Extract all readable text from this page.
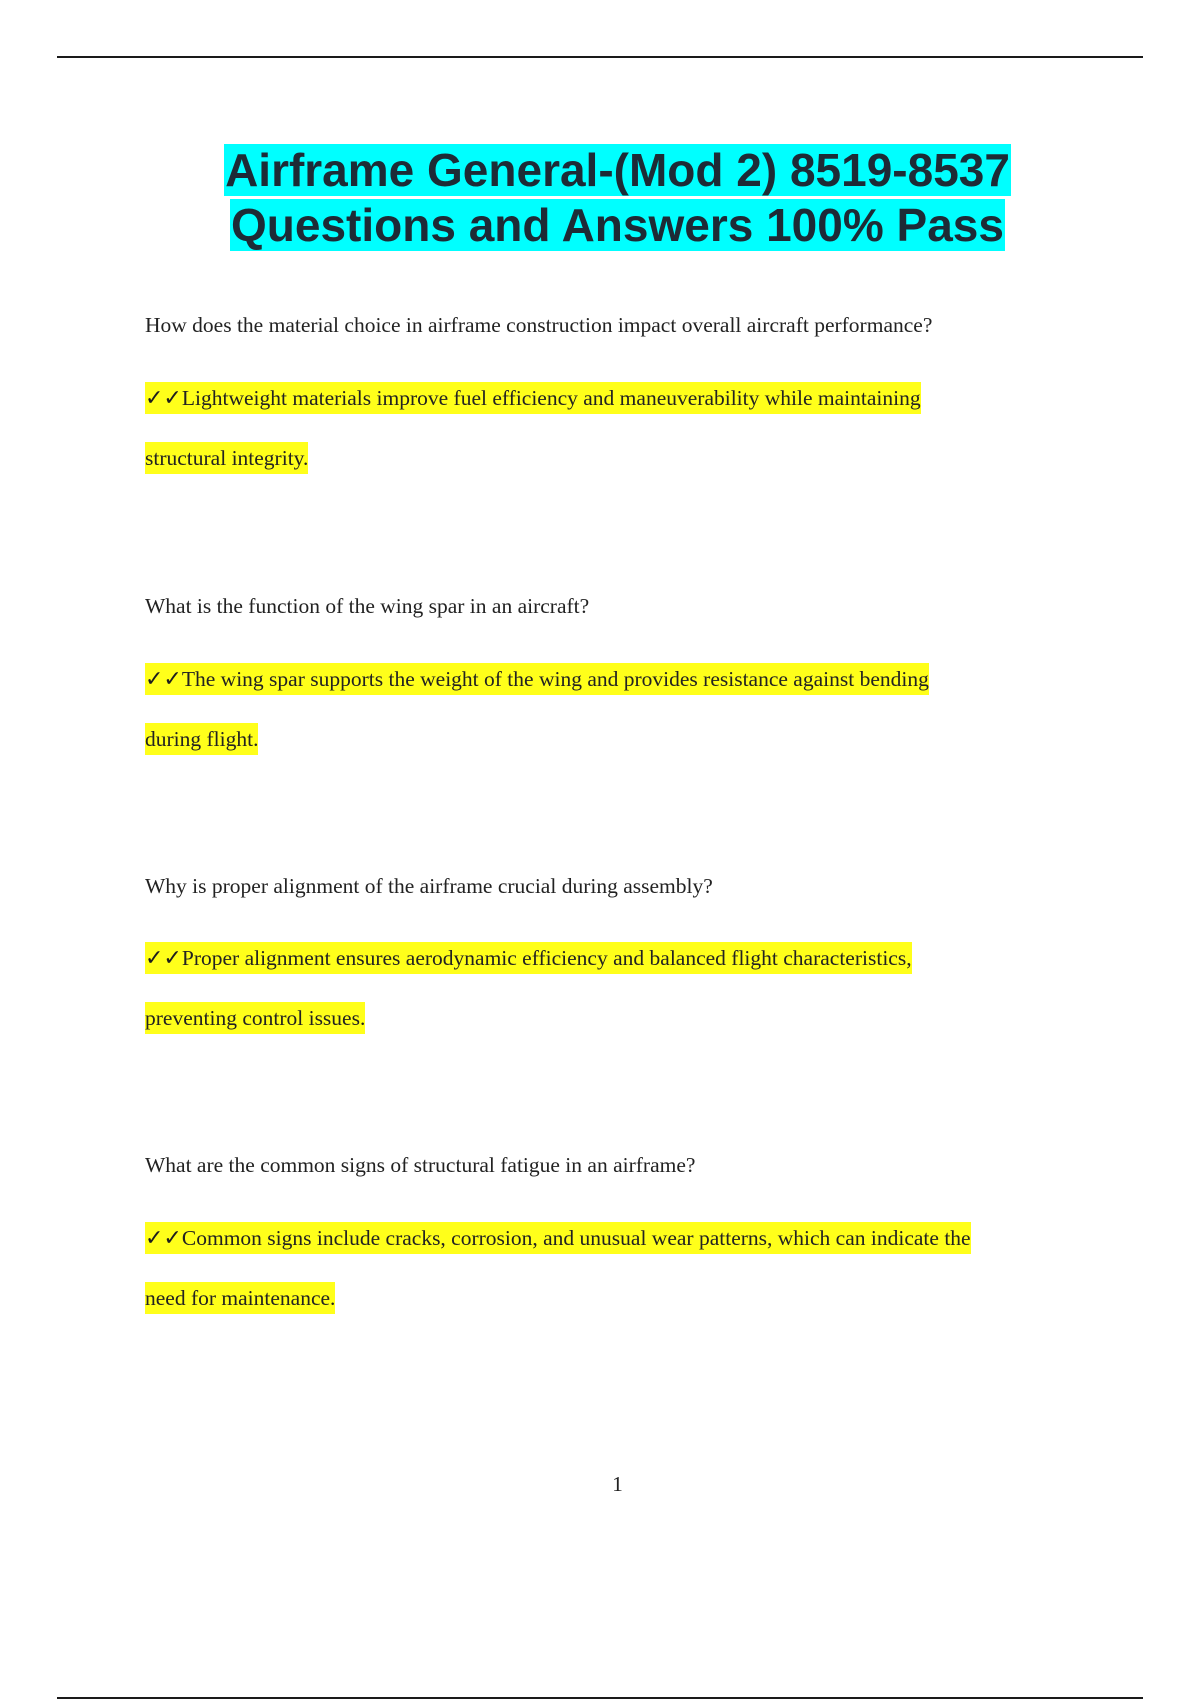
Airframe General-(Mod 2) 8519-8537
Questions and Answers 100% Pass
How does the material choice in airframe construction impact overall aircraft performance?
✓✓Lightweight materials improve fuel efficiency and maneuverability while maintaining
structural integrity.
What is the function of the wing spar in an aircraft?
✓✓The wing spar supports the weight of the wing and provides resistance against bending
during flight.
Why is proper alignment of the airframe crucial during assembly?
✓✓Proper alignment ensures aerodynamic efficiency and balanced flight characteristics,
preventing control issues.
What are the common signs of structural fatigue in an airframe?
✓✓Common signs include cracks, corrosion, and unusual wear patterns, which can indicate the
need for maintenance.
1
